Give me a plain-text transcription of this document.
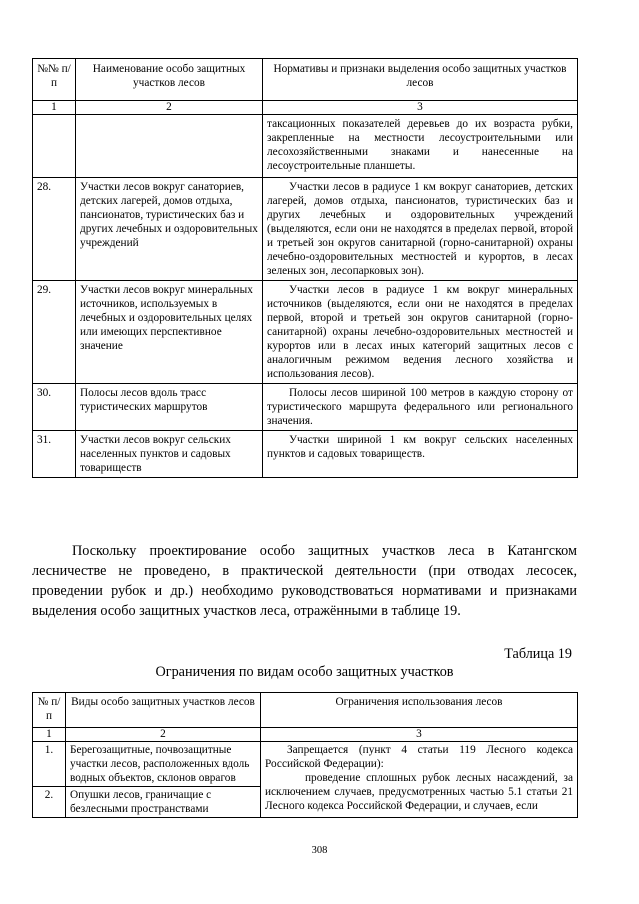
№№ п/п	Наименование особо защитных участков лесов	Нормативы и признаки выделения особо защитных участков лесов
1	2	3
		таксационных показателей деревьев до их возраста рубки, закрепленные на местности лесоустроительными или лесохозяйственными знаками и нанесенные на лесоустроительные планшеты.
28.	Участки лесов вокруг санаториев, детских лагерей, домов отдыха, пансионатов, туристических баз и других лечебных и оздоровительных учреждений	Участки лесов в радиусе 1 км вокруг санаториев, детских лагерей, домов отдыха, пансионатов, туристических баз и других лечебных и оздоровительных учреждений (выделяются, если они не находятся в пределах первой, второй и третьей зон округов санитарной (горно-санитарной) охраны лечебно-оздоровительных местностей и курортов, в лесах зеленых зон, лесопарковых зон).
29.	Участки лесов вокруг минеральных источников, используемых в лечебных и оздоровительных целях или имеющих перспективное значение	Участки лесов в радиусе 1 км вокруг минеральных источников (выделяются, если они не находятся в пределах первой, второй и третьей зон округов санитарной (горно-санитарной) охраны лечебно-оздоровительных местностей и курортов или в лесах иных категорий защитных лесов с аналогичным режимом ведения лесного хозяйства и использования лесов).
30.	Полосы лесов вдоль трасс туристических маршрутов	Полосы лесов шириной 100 метров в каждую сторону от туристического маршрута федерального или регионального значения.
31.	Участки лесов вокруг сельских населенных пунктов и садовых товариществ	Участки шириной 1 км вокруг сельских населенных пунктов и садовых товариществ.

Поскольку проектирование особо защитных участков леса в Катангском лесничестве не проведено, в практической деятельности (при отводах лесосек, проведении рубок и др.) необходимо руководствоваться нормативами и признаками выделения особо защитных участков леса, отражёнными в таблице 19.

Таблица 19
Ограничения по видам особо защитных участков
№ п/п	Виды особо защитных участков лесов	Ограничения использования лесов
1	2	3
1.	Берегозащитные, почвозащитные участки лесов, расположенных вдоль водных объектов, склонов оврагов	Запрещается (пункт 4 статьи 119 Лесного кодекса Российской Федерации):
проведение сплошных рубок лесных насаждений, за исключением случаев, предусмотренных частью 5.1 статьи 21 Лесного кодекса Российской Федерации, и случаев, если

2.	Опушки лесов, граничащие с безлесными пространствами	
308
